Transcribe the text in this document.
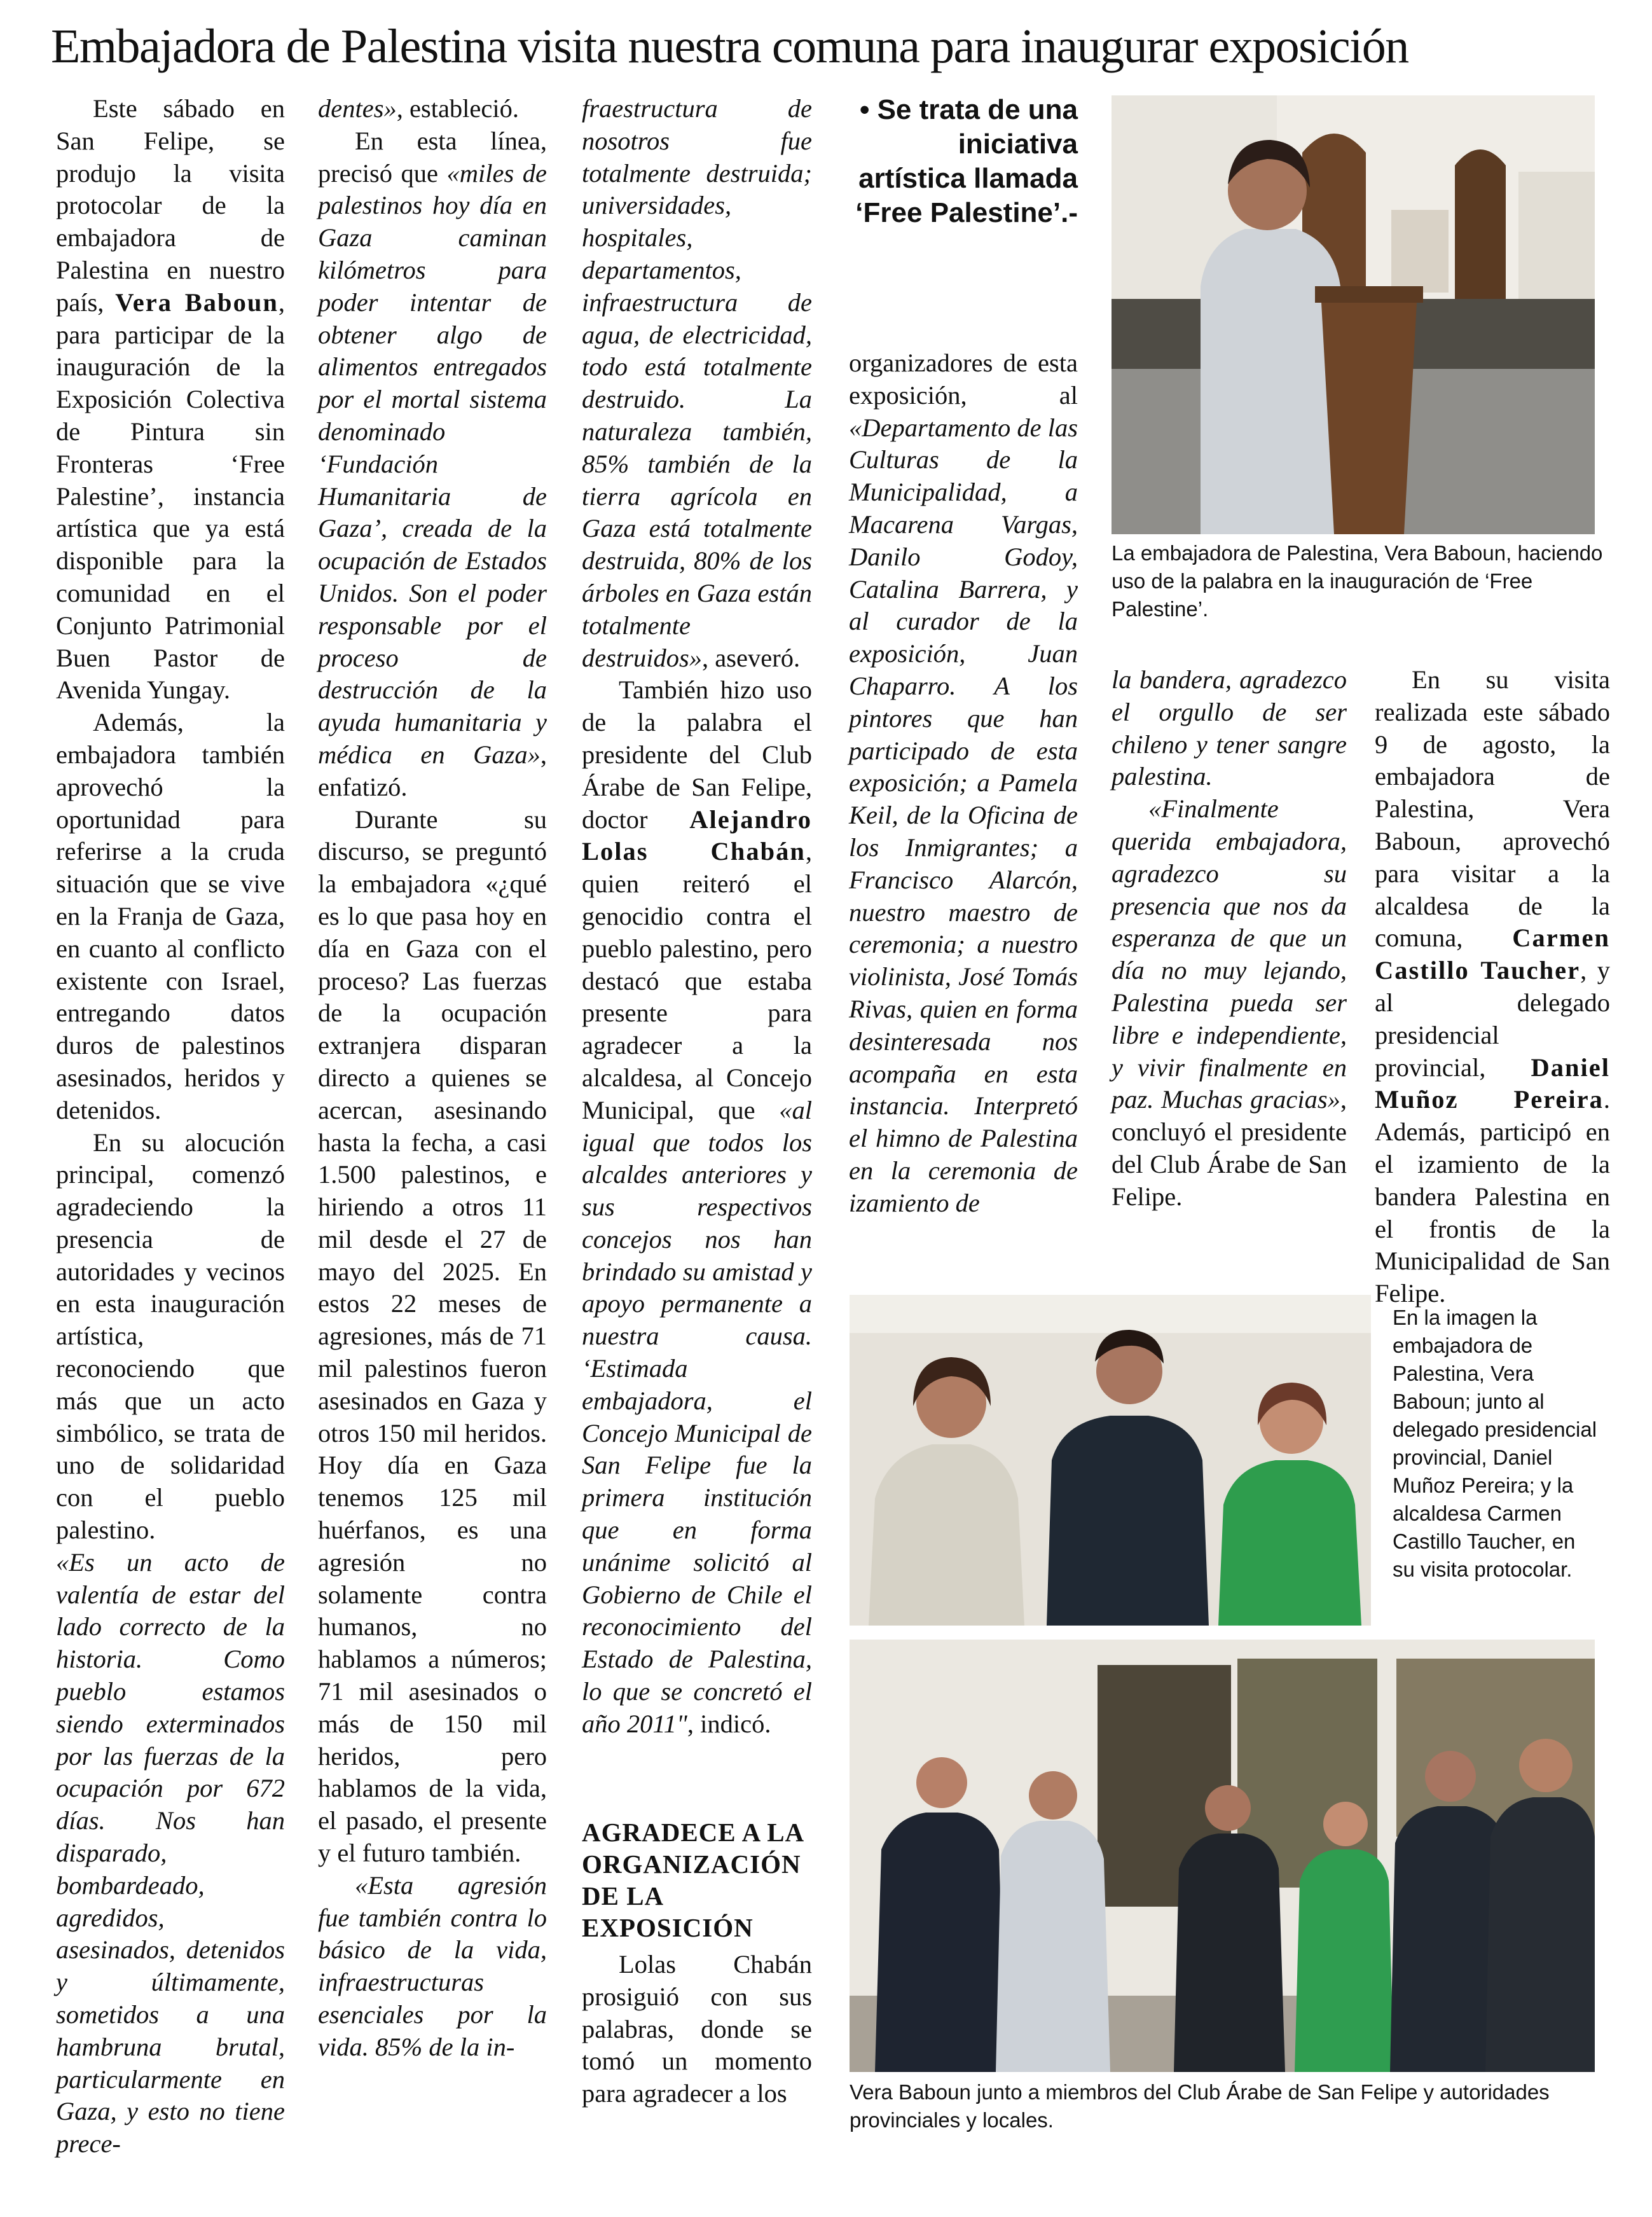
Embajadora de Palestina visita nuestra comuna para inaugurar exposición

Este sábado en San Felipe, se produjo la visita protocolar de la embajadora de Palestina en nuestro país, Vera Baboun, para participar de la inauguración de la Exposición Colectiva de Pintura sin Fronteras ‘Free Palestine’, instancia artística que ya está disponible para la comunidad en el Conjunto Patrimonial Buen Pastor de Avenida Yungay.

Además, la embajadora también aprovechó la oportunidad para referirse a la cruda situación que se vive en la Franja de Gaza, en cuanto al conflicto existente con Israel, entregando datos duros de palestinos asesinados, heridos y detenidos.

En su alocución principal, comenzó agradeciendo la presencia de autoridades y vecinos en esta inauguración artística, reconociendo que más que un acto simbólico, se trata de uno de solidaridad con el pueblo palestino.

«Es un acto de valentía de estar del lado correcto de la historia. Como pueblo estamos siendo exterminados por las fuerzas de la ocupación por 672 días. Nos han disparado, bombardeado, agredidos, asesinados, detenidos y últimamente, sometidos a una hambruna brutal, particularmente en Gaza, y esto no tiene prece-

dentes», estableció.

En esta línea, precisó que «miles de palestinos hoy día en Gaza caminan kilómetros para poder intentar de obtener algo de alimentos entregados por el mortal sistema denominado ‘Fundación Humanitaria de Gaza’, creada de la ocupación de Estados Unidos. Son el poder responsable por el proceso de destrucción de la ayuda humanitaria y médica en Gaza», enfatizó.

Durante su discurso, se preguntó la embajadora «¿qué es lo que pasa hoy en día en Gaza con el proceso? Las fuerzas de la ocupación extranjera disparan directo a quienes se acercan, asesinando hasta la fecha, a casi 1.500 palestinos, e hiriendo a otros 11 mil desde el 27 de mayo del 2025. En estos 22 meses de agresiones, más de 71 mil palestinos fueron asesinados en Gaza y otros 150 mil heridos. Hoy día en Gaza tenemos 125 mil huérfanos, es una agresión no solamente contra humanos, no hablamos a números; 71 mil asesinados o más de 150 mil heridos, pero hablamos de la vida, el pasado, el presente y el futuro también.

«Esta agresión fue también contra lo básico de la vida, infraestructuras esenciales por la vida. 85% de la in-

fraestructura de nosotros fue totalmente destruida; universidades, hospitales, departamentos, infraestructura de agua, de electricidad, todo está totalmente destruido. La naturaleza también, 85% también de la tierra agrícola en Gaza está totalmente destruida, 80% de los árboles en Gaza están totalmente destruidos», aseveró.

También hizo uso de la palabra el presidente del Club Árabe de San Felipe, doctor Alejandro Lolas Chabán, quien reiteró el genocidio contra el pueblo palestino, pero destacó que estaba presente para agradecer a la alcaldesa, al Concejo Municipal, que «al igual que todos los alcaldes anteriores y sus respectivos concejos nos han brindado su amistad y apoyo permanente a nuestra causa. ‘Estimada embajadora, el Concejo Municipal de San Felipe fue la primera institución que en forma unánime solicitó al Gobierno de Chile el reconocimiento del Estado de Palestina, lo que se concretó el año 2011", indicó.

AGRADECE A LA ORGANIZACIÓN DE LA EXPOSICIÓN

Lolas Chabán prosiguió con sus palabras, donde se tomó un momento para agradecer a los

• Se trata de una iniciativa artística llamada ‘Free Palestine’.-

organizadores de esta exposición, al «Departamento de las Culturas de la Municipalidad, a Macarena Vargas, Danilo Godoy, Catalina Barrera, y al curador de la exposición, Juan Chaparro. A los pintores que han participado de esta exposición; a Pamela Keil, de la Oficina de los Inmigrantes; a Francisco Alarcón, nuestro maestro de ceremonia; a nuestro violinista, José Tomás Rivas, quien en forma desinteresada nos acompaña en esta instancia. Interpretó el himno de Palestina en la ceremonia de izamiento de

la bandera, agradezco el orgullo de ser chileno y tener sangre palestina.

«Finalmente querida embajadora, agradezco su presencia que nos da esperanza de que un día no muy lejando, Palestina pueda ser libre e independiente, y vivir finalmente en paz. Muchas gracias», concluyó el presidente del Club Árabe de San Felipe.

En su visita realizada este sábado 9 de agosto, la embajadora de Palestina, Vera Baboun, aprovechó para visitar a la alcaldesa de la comuna, Carmen Castillo Taucher, y al delegado presidencial provincial, Daniel Muñoz Pereira. Además, participó en el izamiento de la bandera Palestina en el frontis de la Municipalidad de San Felipe.

La embajadora de Palestina, Vera Baboun, haciendo uso de la palabra en la inauguración de ‘Free Palestine’.
En la imagen la embajadora de Palestina, Vera Baboun; junto al delegado presidencial provincial, Daniel Muñoz Pereira; y la alcaldesa Carmen Castillo Taucher, en su visita protocolar.
Vera Baboun junto a miembros del Club Árabe de San Felipe y autoridades provinciales y locales.
